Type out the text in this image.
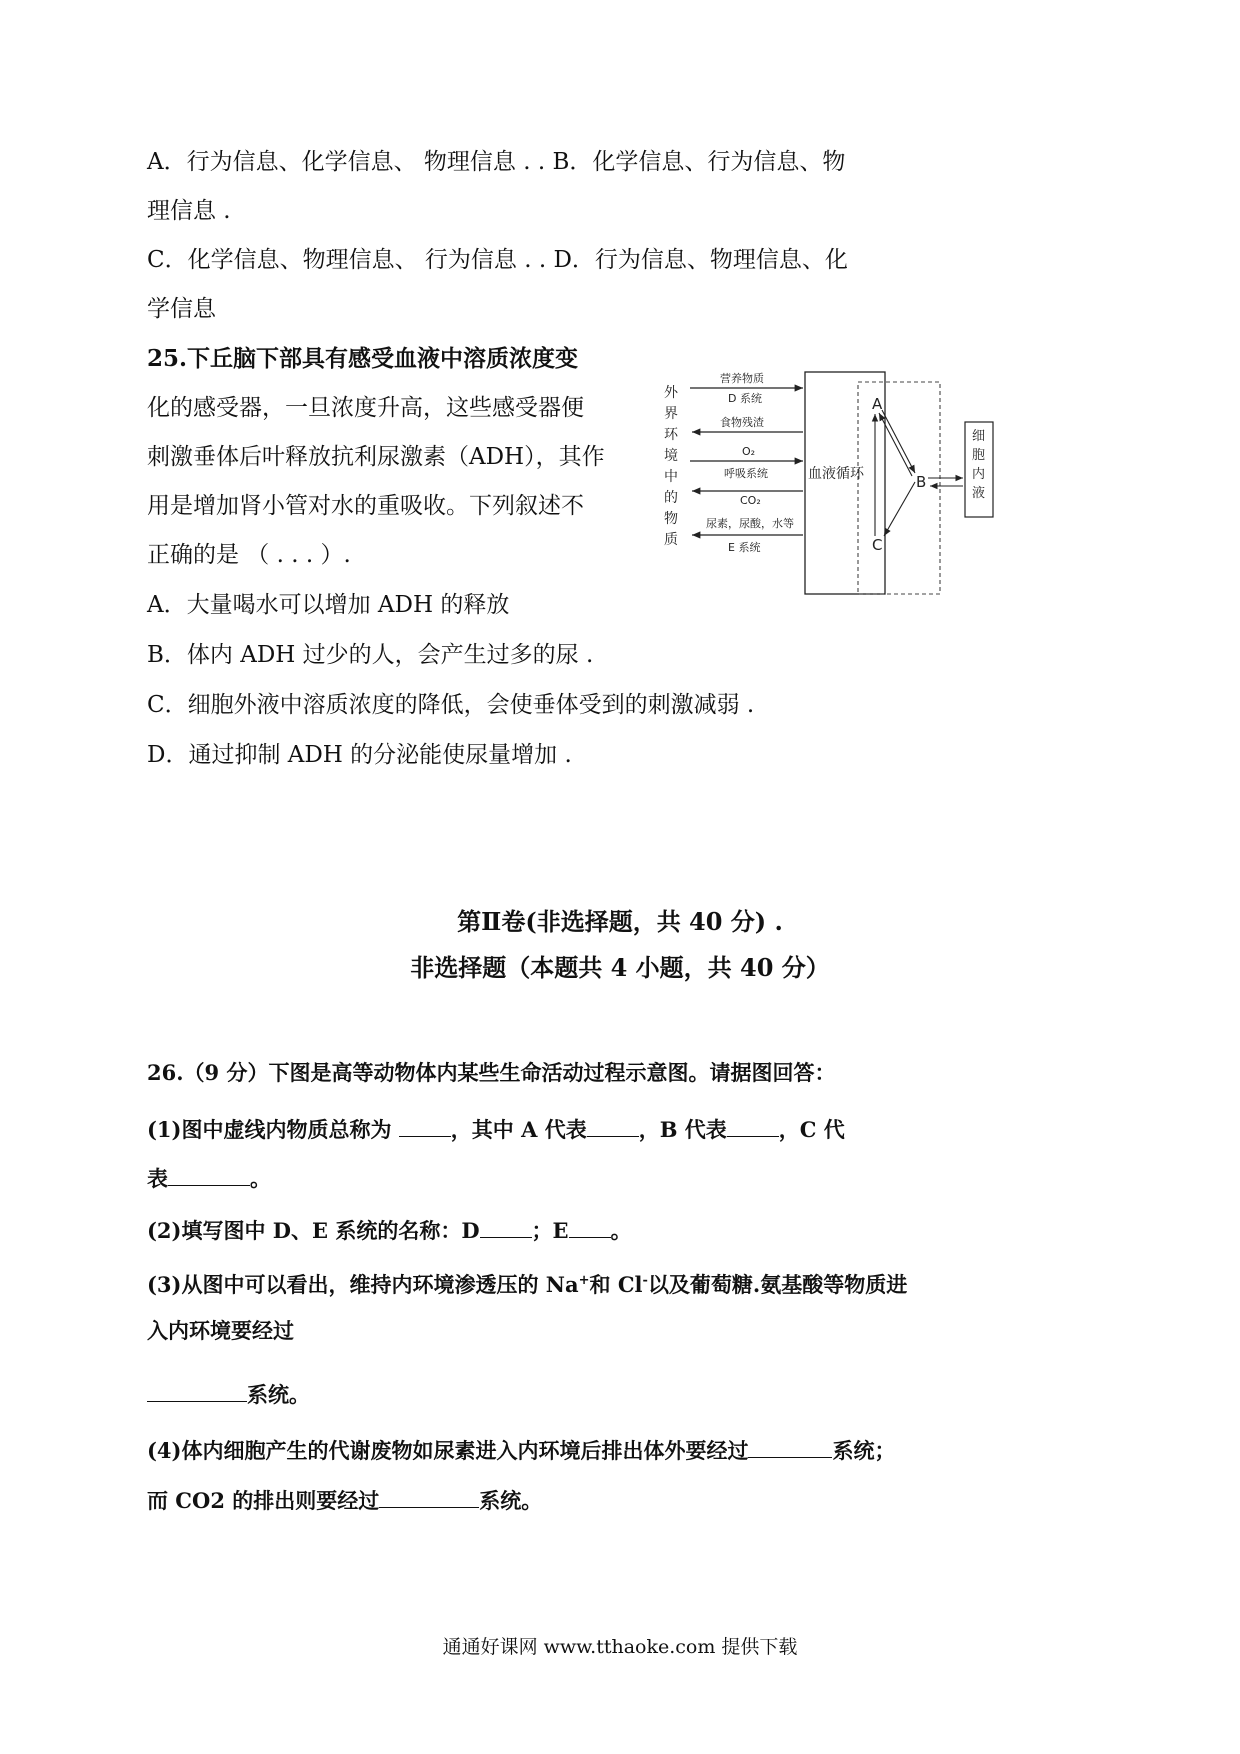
A．行为信息、化学信息、 物理信息 . . B．化学信息、行为信息、物
理信息 .
C．化学信息、物理信息、 行为信息 . . D．行为信息、物理信息、化
学信息
25.下丘脑下部具有感受血液中溶质浓度变
化的感受器，一旦浓度升高，这些感受器便
刺激垂体后叶释放抗利尿激素（ADH），其作
用是增加肾小管对水的重吸收。下列叙述不
正确的是 （ . . . ）.
A．大量喝水可以增加 ADH 的释放
B．体内 ADH 过少的人，会产生过多的尿 .
C．细胞外液中溶质浓度的降低，会使垂体受到的刺激减弱 .
D．通过抑制 ADH 的分泌能使尿量增加 .
外
界
环
境
中
的
物
质
血液循环
营养物质
D 系统
食物残渣
O₂
呼吸系统
CO₂
尿素，尿酸，水等
E 系统
A
B
C
细
胞
内
液
第Ⅱ卷(非选择题，共 40 分) .
非选择题（本题共 4 小题，共 40 分）
26.（9 分）下图是高等动物体内某些生命活动过程示意图。请据图回答：
(1)图中虚线内物质总称为 ，其中 A 代表 ，B 代表 ，C 代
表	。
(2)填写图中 D、E 系统的名称：D ；E 。
(3)从图中可以看出，维持内环境渗透压的 Na+和 Cl-以及葡萄糖.氨基酸等物质进
入内环境要经过
系统。
(4)体内细胞产生的代谢废物如尿素进入内环境后排出体外要经过	系统；
而 CO2 的排出则要经过	系统。
通通好课网 www.tthaoke.com 提供下载
